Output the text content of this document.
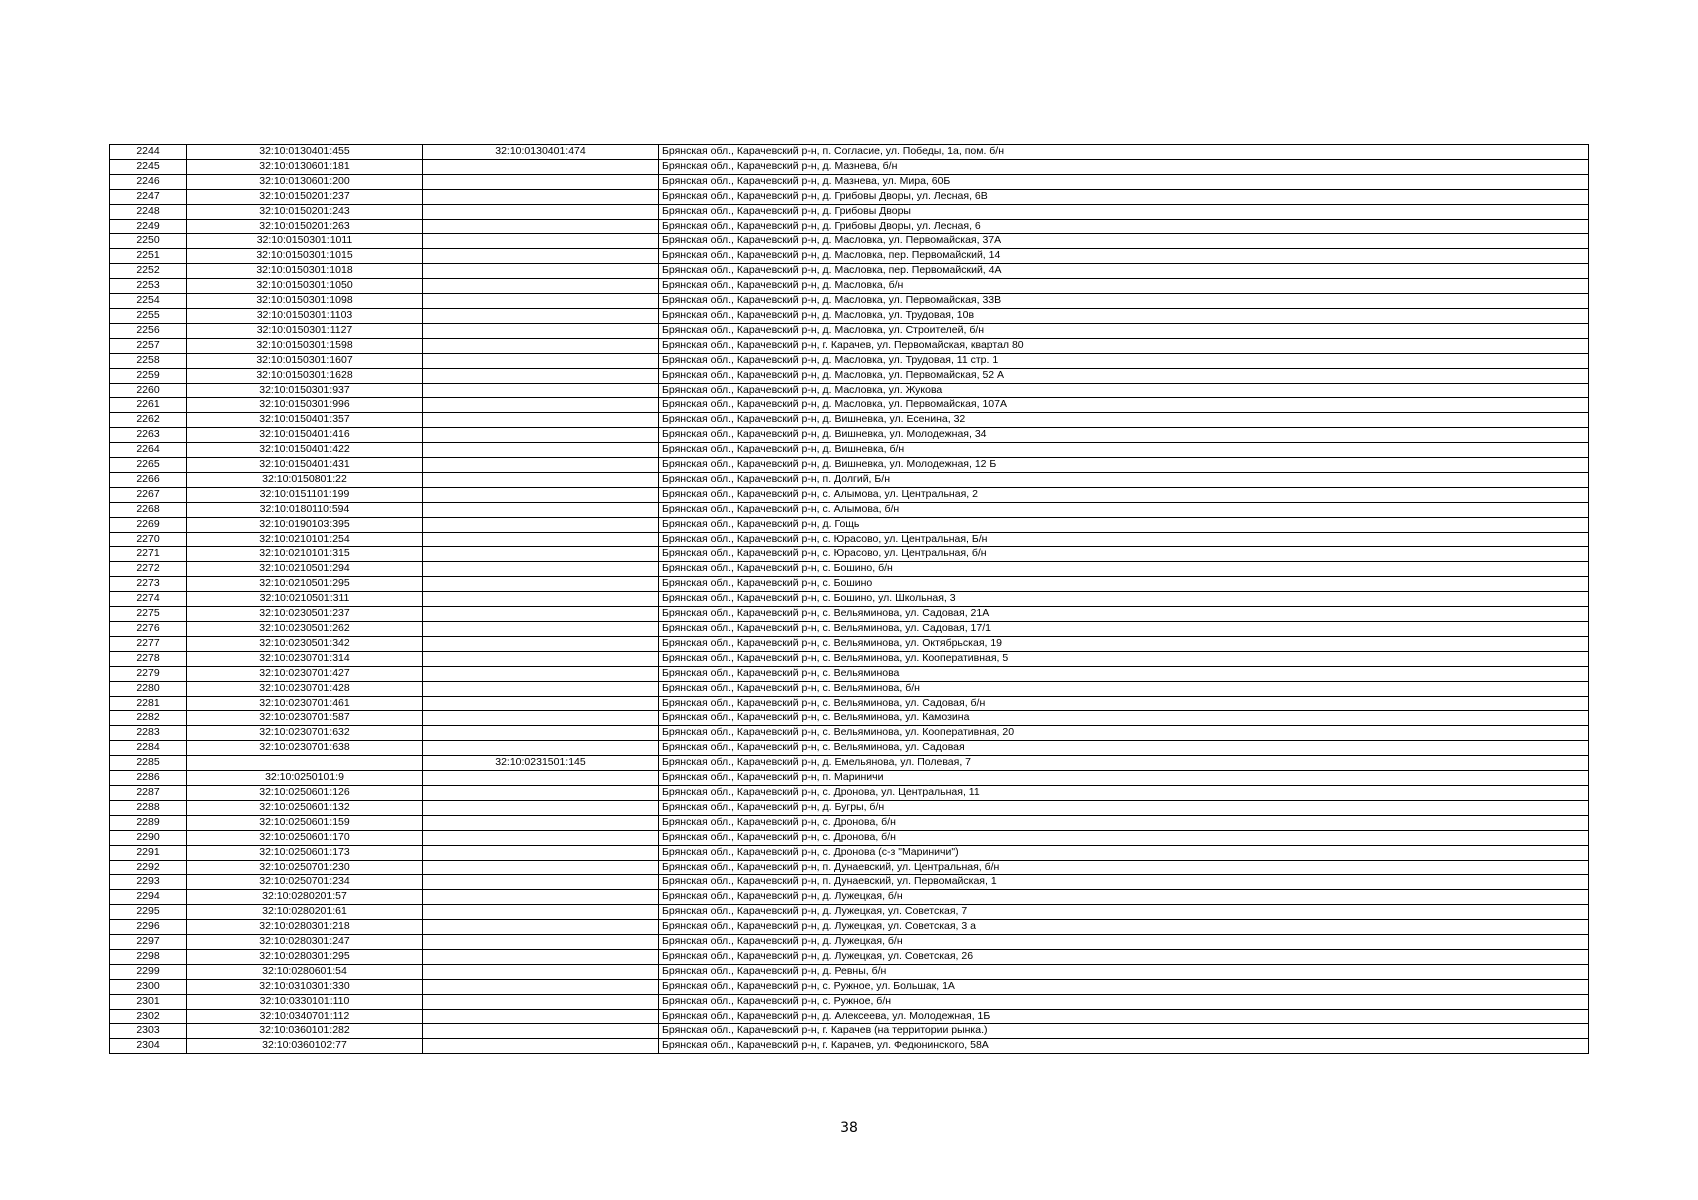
2244	32:10:0130401:455	32:10:0130401:474	Брянская обл., Карачевский р-н, п. Согласие, ул. Победы, 1а, пом. б/н
2245	32:10:0130601:181		Брянская обл., Карачевский р-н, д. Мазнева, б/н
2246	32:10:0130601:200		Брянская обл., Карачевский р-н, д. Мазнева, ул. Мира, 60Б
2247	32:10:0150201:237		Брянская обл., Карачевский р-н, д. Грибовы Дворы, ул. Лесная, 6В
2248	32:10:0150201:243		Брянская обл., Карачевский р-н, д. Грибовы Дворы
2249	32:10:0150201:263		Брянская обл., Карачевский р-н, д. Грибовы Дворы, ул. Лесная, 6
2250	32:10:0150301:1011		Брянская обл., Карачевский р-н, д. Масловка, ул. Первомайская, 37А
2251	32:10:0150301:1015		Брянская обл., Карачевский р-н, д. Масловка, пер. Первомайский, 14
2252	32:10:0150301:1018		Брянская обл., Карачевский р-н, д. Масловка, пер. Первомайский, 4А
2253	32:10:0150301:1050		Брянская обл., Карачевский р-н, д. Масловка, б/н
2254	32:10:0150301:1098		Брянская обл., Карачевский р-н, д. Масловка, ул. Первомайская, 33В
2255	32:10:0150301:1103		Брянская обл., Карачевский р-н, д. Масловка, ул. Трудовая, 10в
2256	32:10:0150301:1127		Брянская обл., Карачевский р-н, д. Масловка, ул. Строителей, б/н
2257	32:10:0150301:1598		Брянская обл., Карачевский р-н, г. Карачев, ул. Первомайская, квартал 80
2258	32:10:0150301:1607		Брянская обл., Карачевский р-н, д. Масловка, ул. Трудовая, 11 стр. 1
2259	32:10:0150301:1628		Брянская обл., Карачевский р-н, д. Масловка, ул. Первомайская, 52 А
2260	32:10:0150301:937		Брянская обл., Карачевский р-н, д. Масловка, ул. Жукова
2261	32:10:0150301:996		Брянская обл., Карачевский р-н, д. Масловка, ул. Первомайская, 107А
2262	32:10:0150401:357		Брянская обл., Карачевский р-н, д. Вишневка, ул. Есенина, 32
2263	32:10:0150401:416		Брянская обл., Карачевский р-н, д. Вишневка, ул. Молодежная, 34
2264	32:10:0150401:422		Брянская обл., Карачевский р-н, д. Вишневка, б/н
2265	32:10:0150401:431		Брянская обл., Карачевский р-н, д. Вишневка, ул. Молодежная, 12 Б
2266	32:10:0150801:22		Брянская обл., Карачевский р-н, п. Долгий, Б/н
2267	32:10:0151101:199		Брянская обл., Карачевский р-н, с. Алымова, ул. Центральная, 2
2268	32:10:0180110:594		Брянская обл., Карачевский р-н, с. Алымова, б/н
2269	32:10:0190103:395		Брянская обл., Карачевский р-н, д. Гощь
2270	32:10:0210101:254		Брянская обл., Карачевский р-н, с. Юрасово, ул. Центральная, Б/н
2271	32:10:0210101:315		Брянская обл., Карачевский р-н, с. Юрасово, ул. Центральная, б/н
2272	32:10:0210501:294		Брянская обл., Карачевский р-н, с. Бошино, б/н
2273	32:10:0210501:295		Брянская обл., Карачевский р-н, с. Бошино
2274	32:10:0210501:311		Брянская обл., Карачевский р-н, с. Бошино, ул. Школьная, 3
2275	32:10:0230501:237		Брянская обл., Карачевский р-н, с. Вельяминова, ул. Садовая, 21А
2276	32:10:0230501:262		Брянская обл., Карачевский р-н, с. Вельяминова, ул. Садовая, 17/1
2277	32:10:0230501:342		Брянская обл., Карачевский р-н, с. Вельяминова, ул. Октябрьская, 19
2278	32:10:0230701:314		Брянская обл., Карачевский р-н, с. Вельяминова, ул. Кооперативная, 5
2279	32:10:0230701:427		Брянская обл., Карачевский р-н, с. Вельяминова
2280	32:10:0230701:428		Брянская обл., Карачевский р-н, с. Вельяминова, б/н
2281	32:10:0230701:461		Брянская обл., Карачевский р-н, с. Вельяминова, ул. Садовая, б/н
2282	32:10:0230701:587		Брянская обл., Карачевский р-н, с. Вельяминова, ул. Камозина
2283	32:10:0230701:632		Брянская обл., Карачевский р-н, с. Вельяминова, ул. Кооперативная, 20
2284	32:10:0230701:638		Брянская обл., Карачевский р-н, с. Вельяминова, ул. Садовая
2285		32:10:0231501:145	Брянская обл., Карачевский р-н, д. Емельянова, ул. Полевая, 7
2286	32:10:0250101:9		Брянская обл., Карачевский р-н, п. Мариничи
2287	32:10:0250601:126		Брянская обл., Карачевский р-н, с. Дронова, ул. Центральная, 11
2288	32:10:0250601:132		Брянская обл., Карачевский р-н, д. Бугры, б/н
2289	32:10:0250601:159		Брянская обл., Карачевский р-н, с. Дронова, б/н
2290	32:10:0250601:170		Брянская обл., Карачевский р-н, с. Дронова, б/н
2291	32:10:0250601:173		Брянская обл., Карачевский р-н, с. Дронова (с-з "Мариничи")
2292	32:10:0250701:230		Брянская обл., Карачевский р-н, п. Дунаевский, ул. Центральная, б/н
2293	32:10:0250701:234		Брянская обл., Карачевский р-н, п. Дунаевский, ул. Первомайская, 1
2294	32:10:0280201:57		Брянская обл., Карачевский р-н, д. Лужецкая, б/н
2295	32:10:0280201:61		Брянская обл., Карачевский р-н, д. Лужецкая, ул. Советская, 7
2296	32:10:0280301:218		Брянская обл., Карачевский р-н, д. Лужецкая, ул. Советская, 3 а
2297	32:10:0280301:247		Брянская обл., Карачевский р-н, д. Лужецкая, б/н
2298	32:10:0280301:295		Брянская обл., Карачевский р-н, д. Лужецкая, ул. Советская, 26
2299	32:10:0280601:54		Брянская обл., Карачевский р-н, д. Ревны, б/н
2300	32:10:0310301:330		Брянская обл., Карачевский р-н, с. Ружное, ул. Большак, 1А
2301	32:10:0330101:110		Брянская обл., Карачевский р-н, с. Ружное, б/н
2302	32:10:0340701:112		Брянская обл., Карачевский р-н, д. Алексеева, ул. Молодежная, 1Б
2303	32:10:0360101:282		Брянская обл., Карачевский р-н, г. Карачев (на территории рынка.)
2304	32:10:0360102:77		Брянская обл., Карачевский р-н, г. Карачев, ул. Федюнинского, 58А
38
